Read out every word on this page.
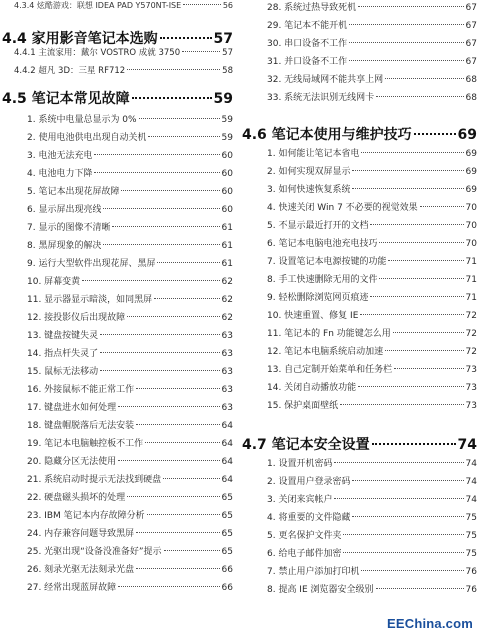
4.3.4 炫酷游戏：联想 IDEA PAD Y570NT-ISE	56
4.4 家用影音笔记本选购	57
4.4.1 主流家用：戴尔 VOSTRO 成就 3750	57
4.4.2 超凡 3D：三星 RF712	58
4.5 笔记本常见故障	59
1. 系统中电量总显示为 0%	59
2. 使用电池供电出现自动关机	59
3. 电池无法充电	60
4. 电池电力下降	60
5. 笔记本出现花屏故障	60
6. 显示屏出现亮线	60
7. 显示的图像不清晰	61
8. 黑屏现象的解决	61
9. 运行大型软件出现花屏、黑屏	61
10. 屏幕变黄	62
11. 显示器显示暗淡，如同黑屏	62
12. 接投影仪后出现故障	62
13. 键盘按键失灵	63
14. 指点杆失灵了	63
15. 鼠标无法移动	63
16. 外接鼠标不能正常工作	63
17. 键盘进水如何处理	63
18. 键盘帽脱落后无法安装	64
19. 笔记本电脑触控板不工作	64
20. 隐藏分区无法使用	64
21. 系统启动时提示无法找到硬盘	64
22. 硬盘磁头损坏的处理	65
23. IBM 笔记本内存故障分析	65
24. 内存兼容问题导致黑屏	65
25. 光驱出现“设备没准备好”提示	65
26. 刻录光驱无法刻录光盘	66
27. 经常出现蓝屏故障	66
28. 系统过热导致死机	67
29. 笔记本不能开机	67
30. 串口设备不工作	67
31. 并口设备不工作	67
32. 无线局域网不能共享上网	68
33. 系统无法识别无线网卡	68
4.6 笔记本使用与维护技巧	69
1. 如何能让笔记本省电	69
2. 如何实现双屏显示	69
3. 如何快速恢复系统	69
4. 快速关闭 Win 7 不必要的视觉效果	70
5. 不显示最近打开的文档	70
6. 笔记本电脑电池充电技巧	70
7. 设置笔记本电源按键的功能	71
8. 手工快速删除无用的文件	71
9. 轻松删除浏览网页痕迹	71
10. 快速重置、修复 IE	72
11. 笔记本的 Fn 功能键怎么用	72
12. 笔记本电脑系统启动加速	72
13. 自己定制开始菜单和任务栏	73
14. 关闭自动播放功能	73
15. 保护桌面壁纸	73
4.7 笔记本安全设置	74
1. 设置开机密码	74
2. 设置用户登录密码	74
3. 关闭来宾帐户	74
4. 将重要的文件隐藏	75
5. 更名保护文件夹	75
6. 给电子邮件加密	75
7. 禁止用户添加打印机	76
8. 提高 IE 浏览器安全级别	76
EEChina.com
